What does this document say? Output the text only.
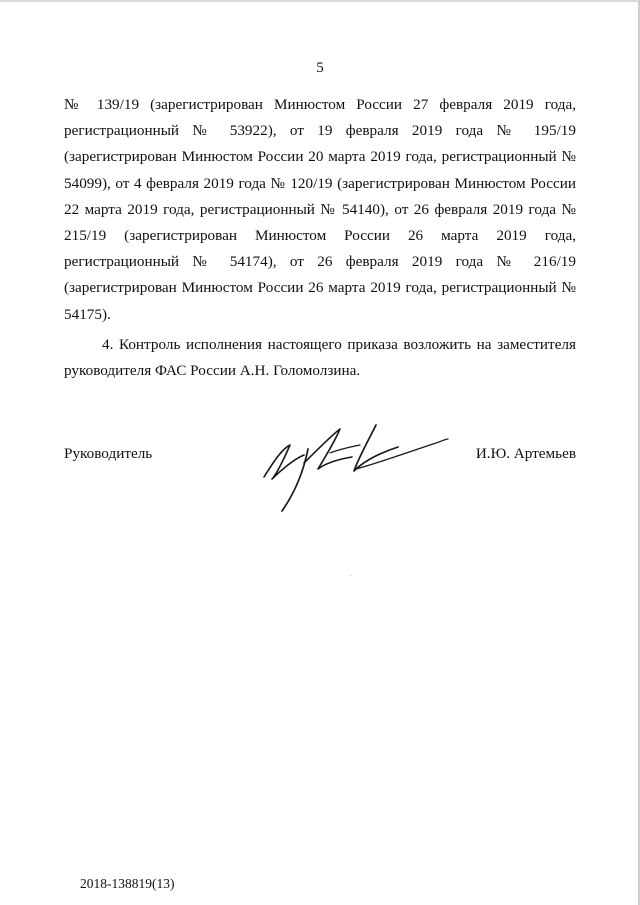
5

№ 139/19 (зарегистрирован Минюстом России 27 февраля 2019 года, регистрационный № 53922), от 19 февраля 2019 года № 195/19 (зарегистрирован Минюстом России 20 марта 2019 года, регистрационный № 54099), от 4 февраля 2019 года № 120/19 (зарегистрирован Минюстом России 22 марта 2019 года, регистрационный № 54140), от 26 февраля 2019 года № 215/19 (зарегистрирован Минюстом России 26 марта 2019 года, регистрационный № 54174), от 26 февраля 2019 года № 216/19 (зарегистрирован Минюстом России 26 марта 2019 года, регистрационный № 54175).

4. Контроль исполнения настоящего приказа возложить на заместителя руководителя ФАС России А.Н. Голомолзина.

Руководитель	И.Ю. Артемьев
2018-138819(13)
